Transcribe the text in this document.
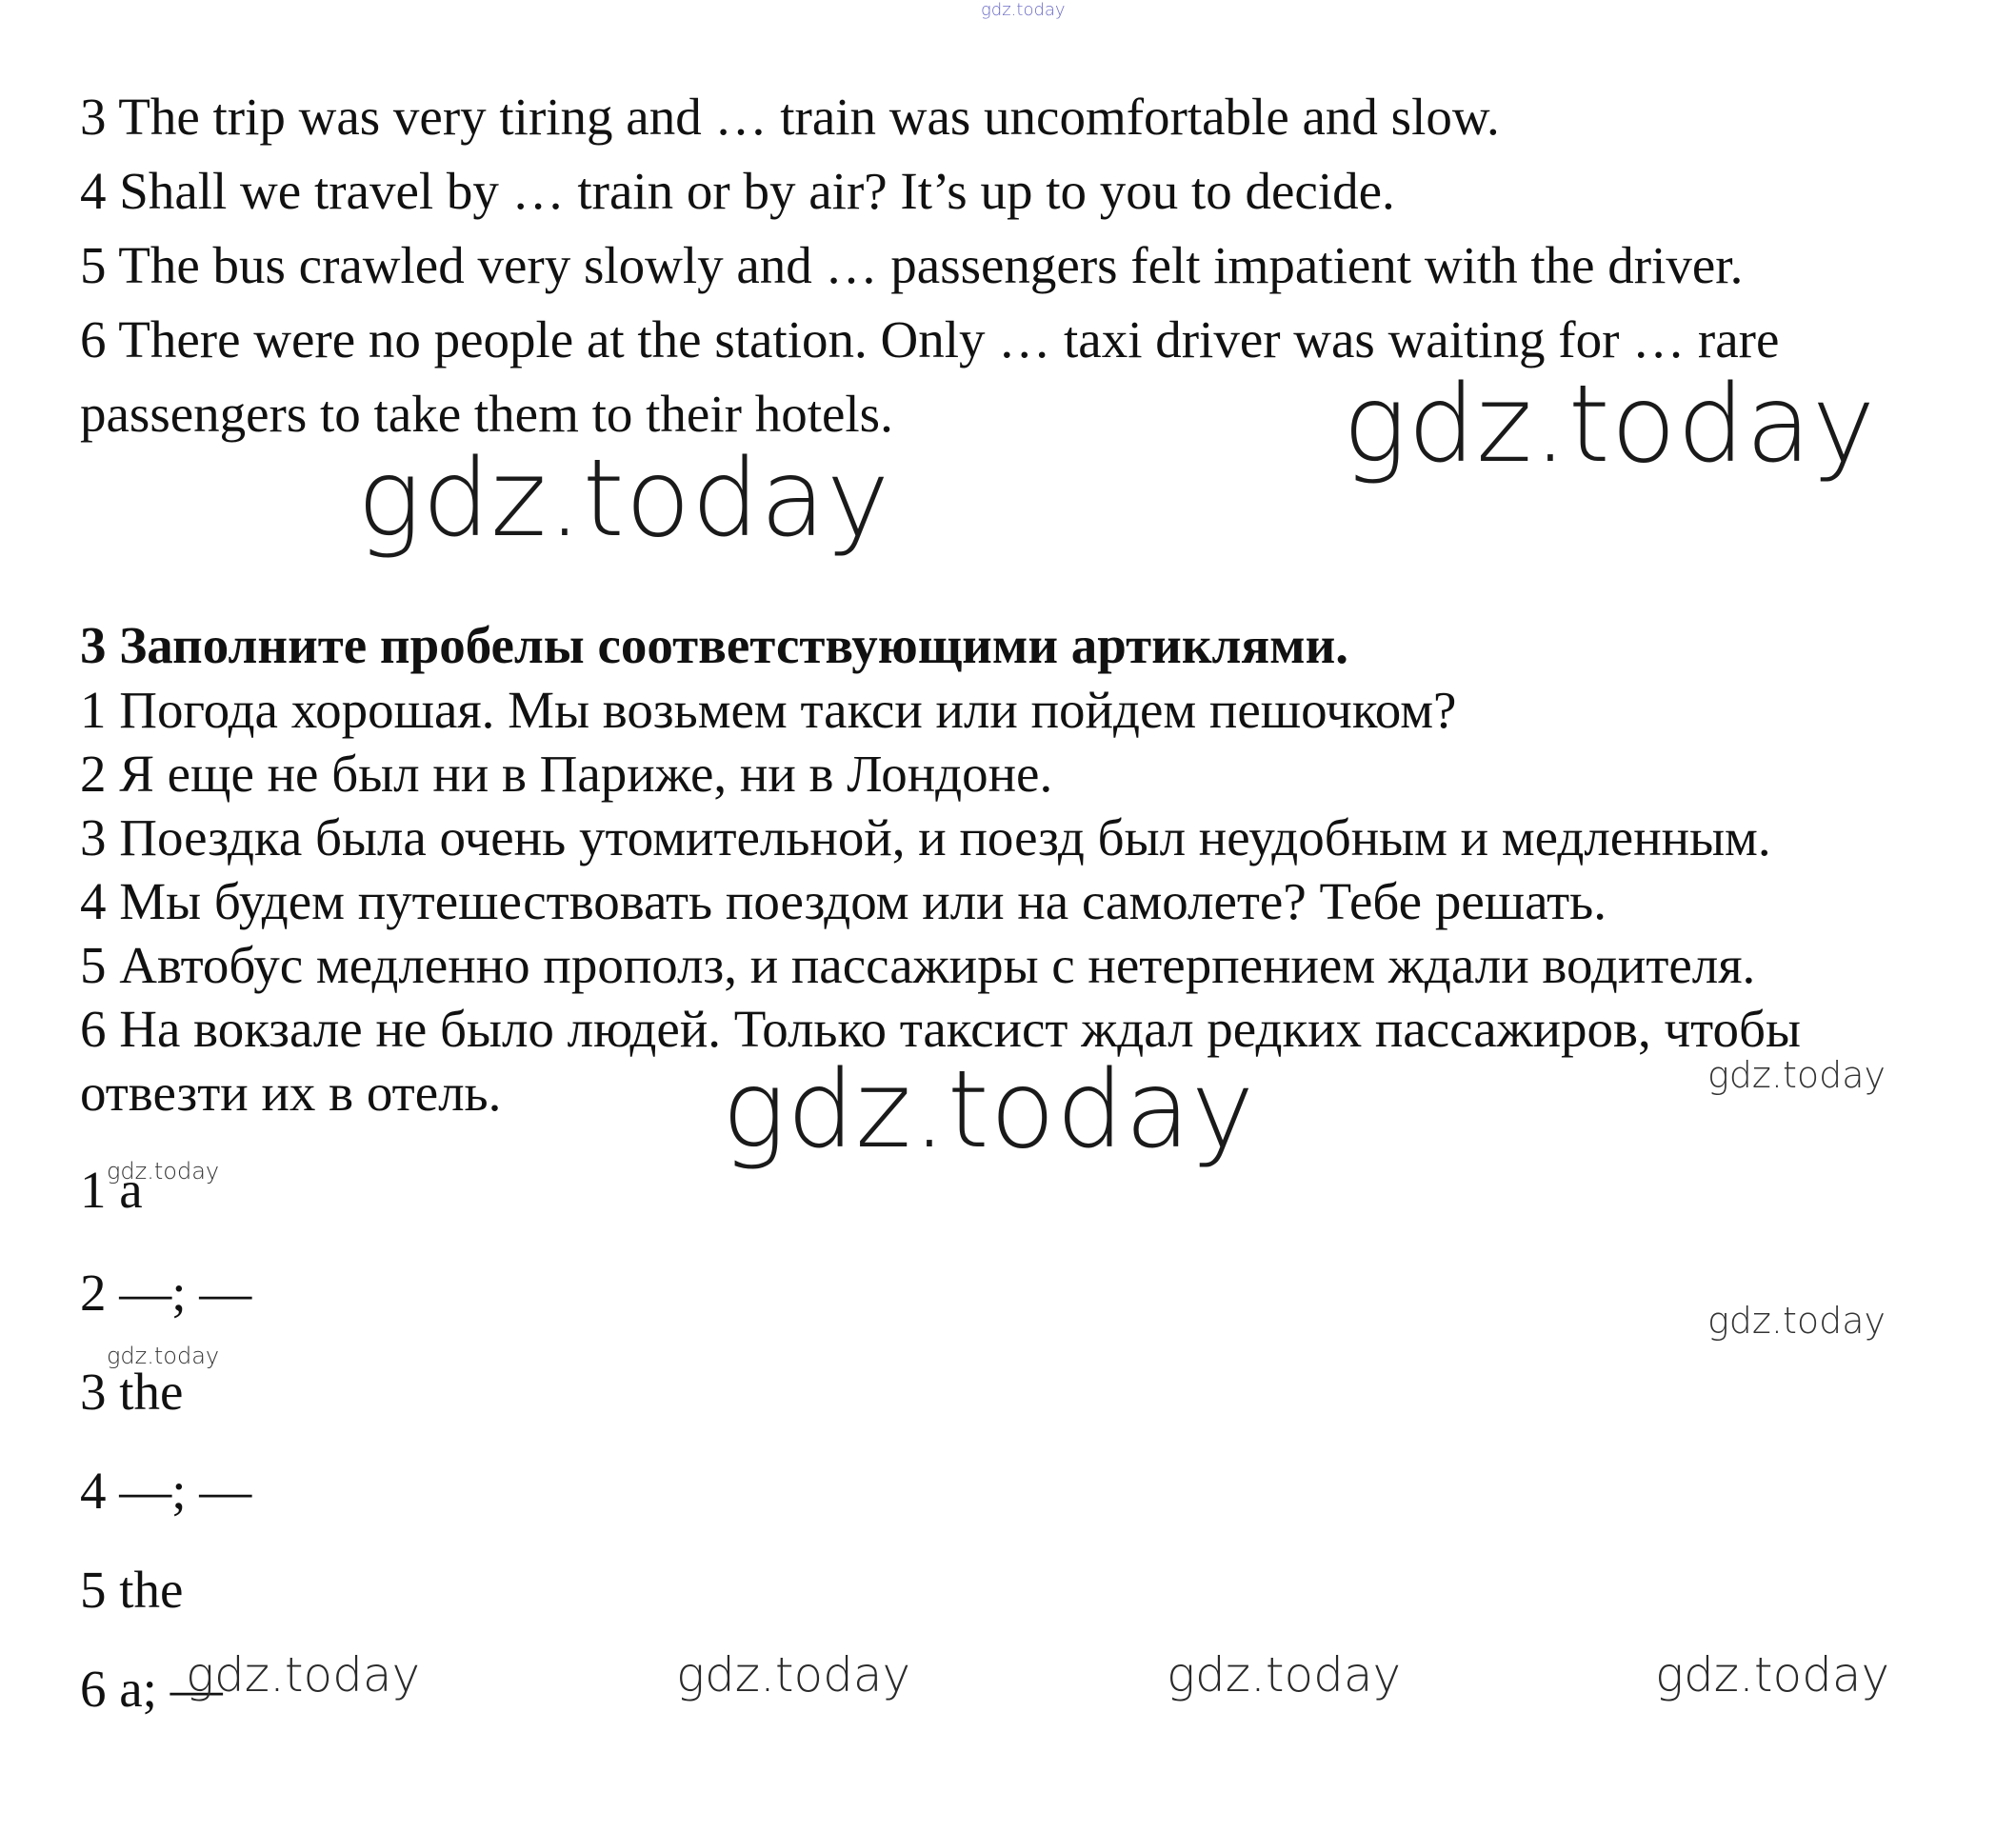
gdz.today

3 The trip was very tiring and … train was uncomfortable and slow.

4 Shall we travel by … train or by air? It’s up to you to decide.

5 The bus crawled very slowly and … passengers felt impatient with the driver.

6 There were no people at the station. Only … taxi driver was waiting for … rare

passengers to take them to their hotels.	gdz.today

gdz.today

3 Заполните пробелы соответствующими артиклями.

1 Погода хорошая. Мы возьмем такси или пойдем пешочком?

2 Я еще не был ни в Париже, ни в Лондоне.

3 Поездка была очень утомительной, и поезд был неудобным и медленным.

4 Мы будем путешествовать поездом или на самолете? Тебе решать.

5 Автобус медленно прополз, и пассажиры с нетерпением ждали водителя.

6 На вокзале не было людей. Только таксист ждал редких пассажиров, чтобы

отвезти их в отель. gdz.today	gdz.today

1 a

gdz.today

2 —; —	gdz.today

gdz.today

3 the

4 —; —

5 the

6 a; —

gdz.today	gdz.today	gdz.today	gdz.today
